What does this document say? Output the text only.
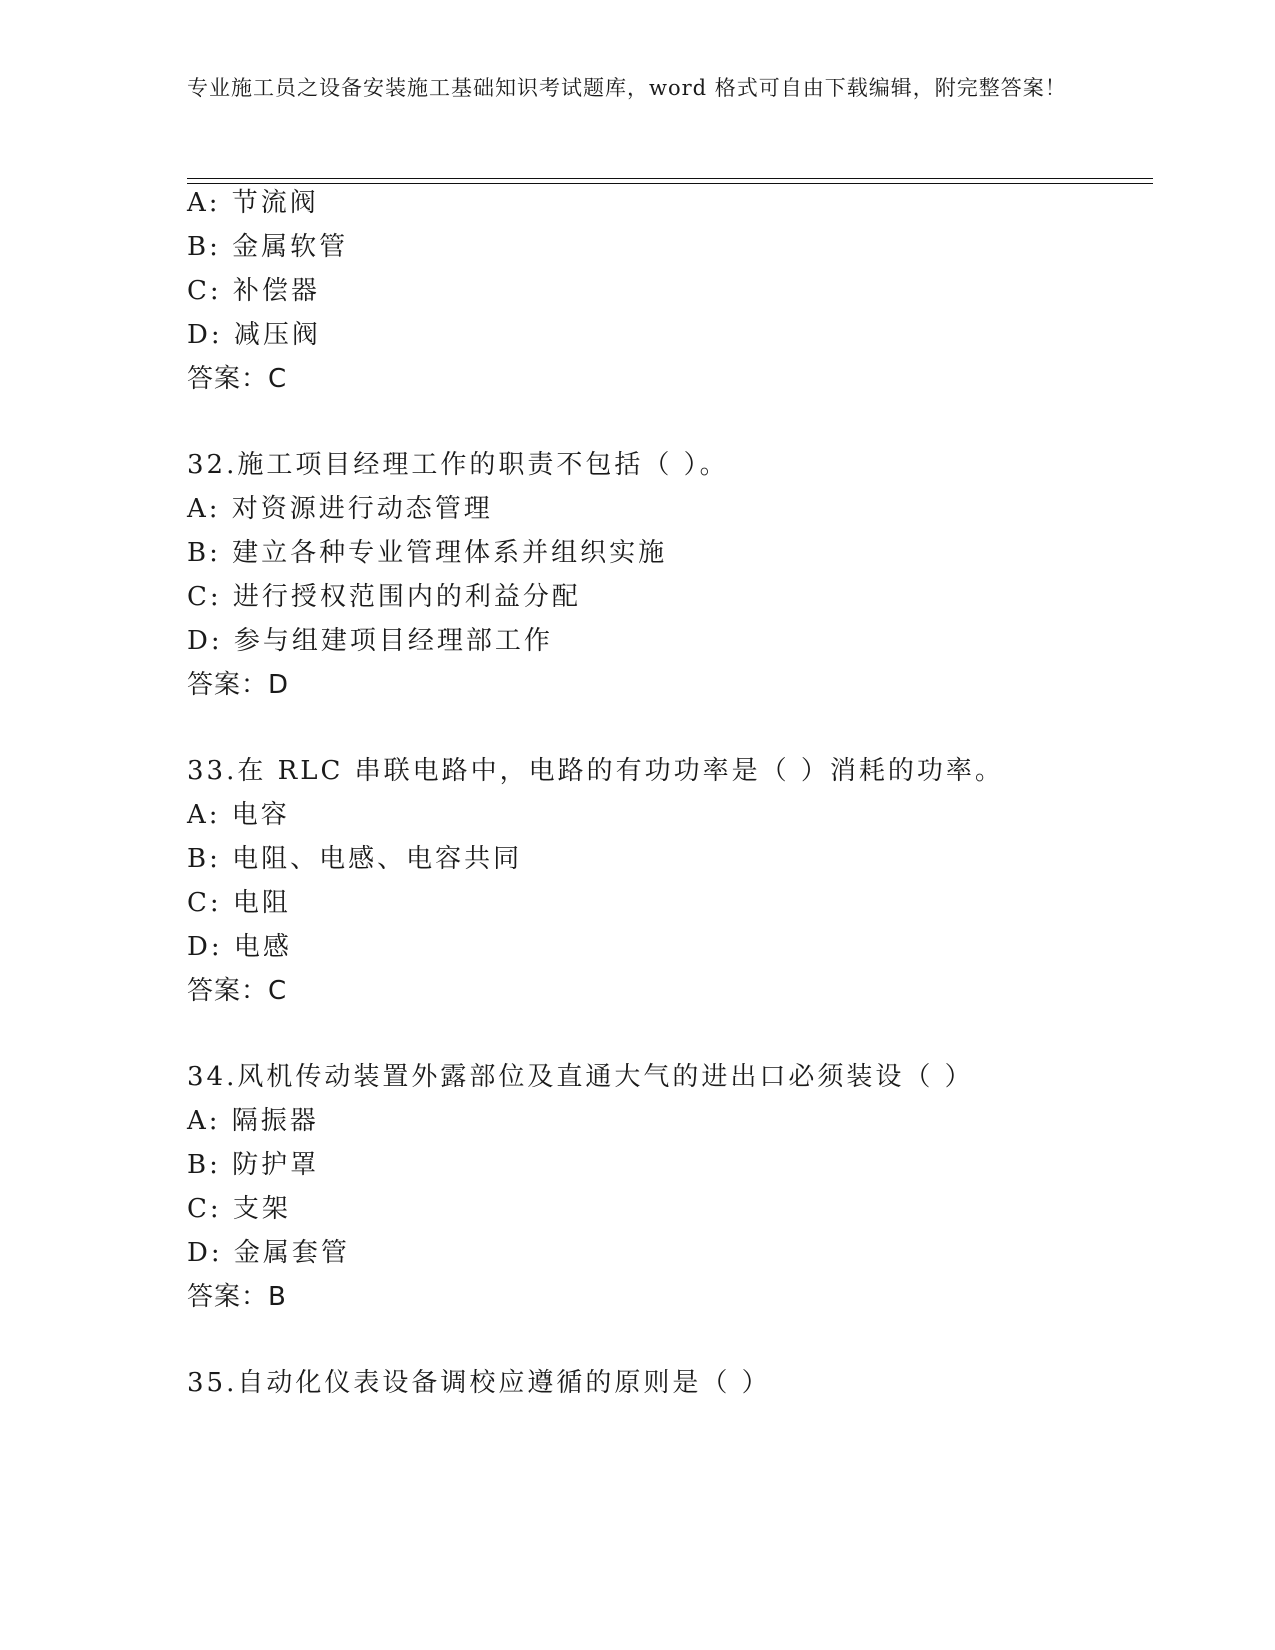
专业施工员之设备安装施工基础知识考试题库，word 格式可自由下载编辑，附完整答案！
A: 节流阀
B: 金属软管
C: 补偿器
D: 减压阀
答案：C
32.施工项目经理工作的职责不包括（ ）。
A: 对资源进行动态管理
B: 建立各种专业管理体系并组织实施
C: 进行授权范围内的利益分配
D: 参与组建项目经理部工作
答案：D
33.在 RLC 串联电路中，电路的有功功率是（ ）消耗的功率。
A: 电容
B: 电阻、电感、电容共同
C: 电阻
D: 电感
答案：C
34.风机传动装置外露部位及直通大气的进出口必须装设（ ）
A: 隔振器
B: 防护罩
C: 支架
D: 金属套管
答案：B
35.自动化仪表设备调校应遵循的原则是（ ）
